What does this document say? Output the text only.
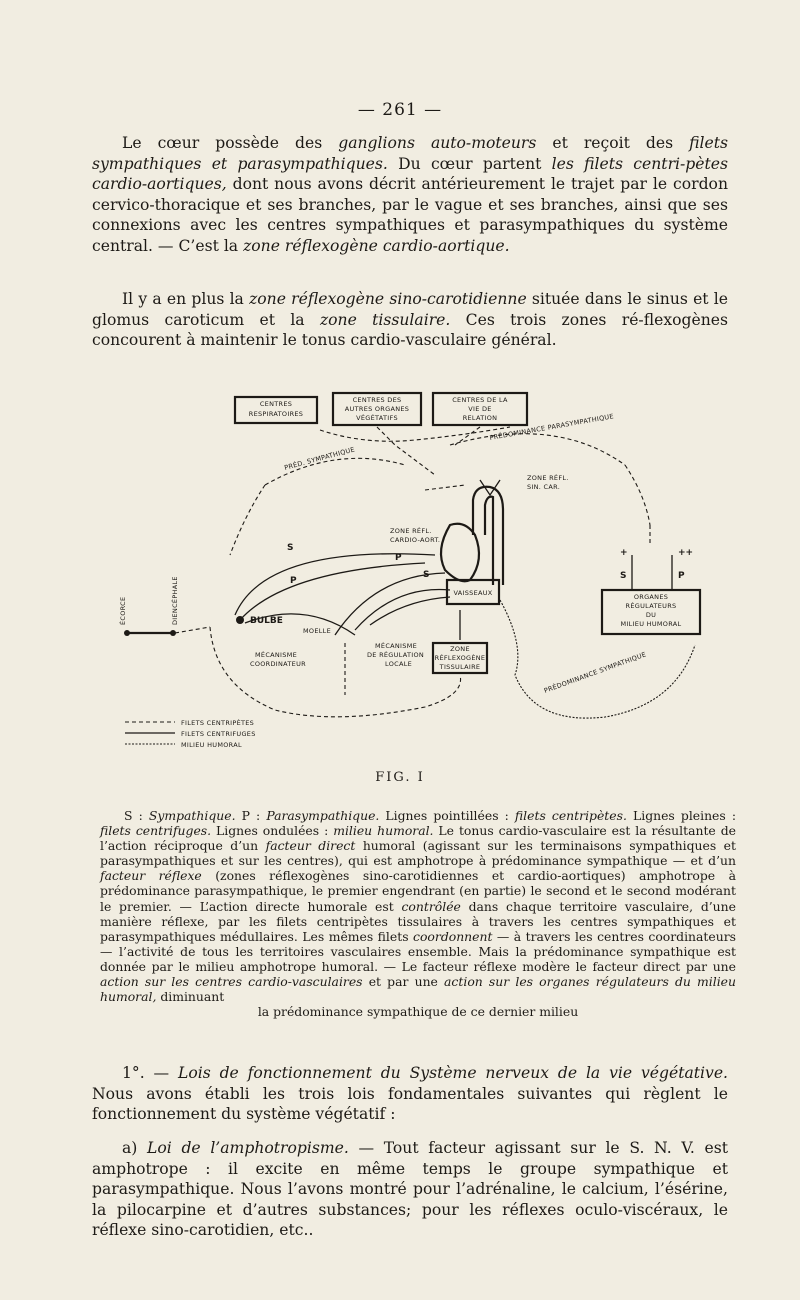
— 261 —

Le cœur possède des ganglions auto-moteurs et reçoit des filets sympathiques et parasympathiques. Du cœur partent les filets centri-pètes cardio-aortiques, dont nous avons décrit antérieurement le trajet par le cordon cervico-thoracique et ses branches, par le vague et ses branches, ainsi que ses connexions avec les centres sympathiques et parasympathiques du système central. — C’est la zone réflexogène cardio-aortique.

Il y a en plus la zone réflexogène sino-carotidienne située dans le sinus et le glomus caroticum et la zone tissulaire. Ces trois zones ré-flexogènes concourent à maintenir le tonus cardio-vasculaire général.

CENTRES
RESPIRATOIRES
CENTRES DES
AUTRES ORGANES
VÉGÉTATIFS
CENTRES DE LA
VIE DE
RELATION
PRÉDOMINANCE PARASYMPATHIQUE
PRÉD. SYMPATHIQUE
ZONE RÉFL.
SIN. CAR.
ZONE RÉFL.
CARDIO-AORT.
VAISSEAUX
ZONE
RÉFLEXOGÈNE
TISSULAIRE
ÉCORCE	DIENCÉPHALE	BULBE
MOELLE
S
P
P
S
MÉCANISME
COORDINATEUR
MÉCANISME
DE RÉGULATION
LOCALE
ORGANES
RÉGULATEURS
DU
MILIEU HUMORAL
+	++
S	P
PRÉDOMINANCE SYMPATHIQUE
FILETS CENTRIPÈTES
FILETS CENTRIFUGES
MILIEU HUMORAL
FIG. I

S : Sympathique. P : Parasympathique. Lignes pointillées : filets centripètes. Lignes pleines : filets centrifuges. Lignes ondulées : milieu humoral. Le tonus cardio-vasculaire est la résultante de l’action réciproque d’un facteur direct humoral (agissant sur les terminaisons sympathiques et parasympathiques et sur les centres), qui est amphotrope à prédominance sympathique — et d’un facteur réflexe (zones réflexogènes sino-carotidiennes et cardio-aortiques) amphotrope à prédominance parasympathique, le premier engendrant (en partie) le second et le second modérant le premier. — L’action directe humorale est contrôlée dans chaque territoire vasculaire, d’une manière réflexe, par les filets centripètes tissulaires à travers les centres sympathiques et parasympathiques médullaires. Les mêmes filets coordonnent — à travers les centres coordinateurs — l’activité de tous les territoires vasculaires ensemble. Mais la prédominance sympathique est donnée par le milieu amphotrope humoral. — Le facteur réflexe modère le facteur direct par une action sur les centres cardio-vasculaires et par une action sur les organes régulateurs du milieu humoral, diminuant

la prédominance sympathique de ce dernier milieu

1°. — Lois de fonctionnement du Système nerveux de la vie végétative. Nous avons établi les trois lois fondamentales suivantes qui règlent le fonctionnement du système végétatif :

a) Loi de l’amphotropisme. — Tout facteur agissant sur le S. N. V. est amphotrope : il excite en même temps le groupe sympathique et parasympathique. Nous l’avons montré pour l’adrénaline, le calcium, l’ésérine, la pilocarpine et d’autres substances; pour les réflexes oculo-viscéraux, le réflexe sino-carotidien, etc..
